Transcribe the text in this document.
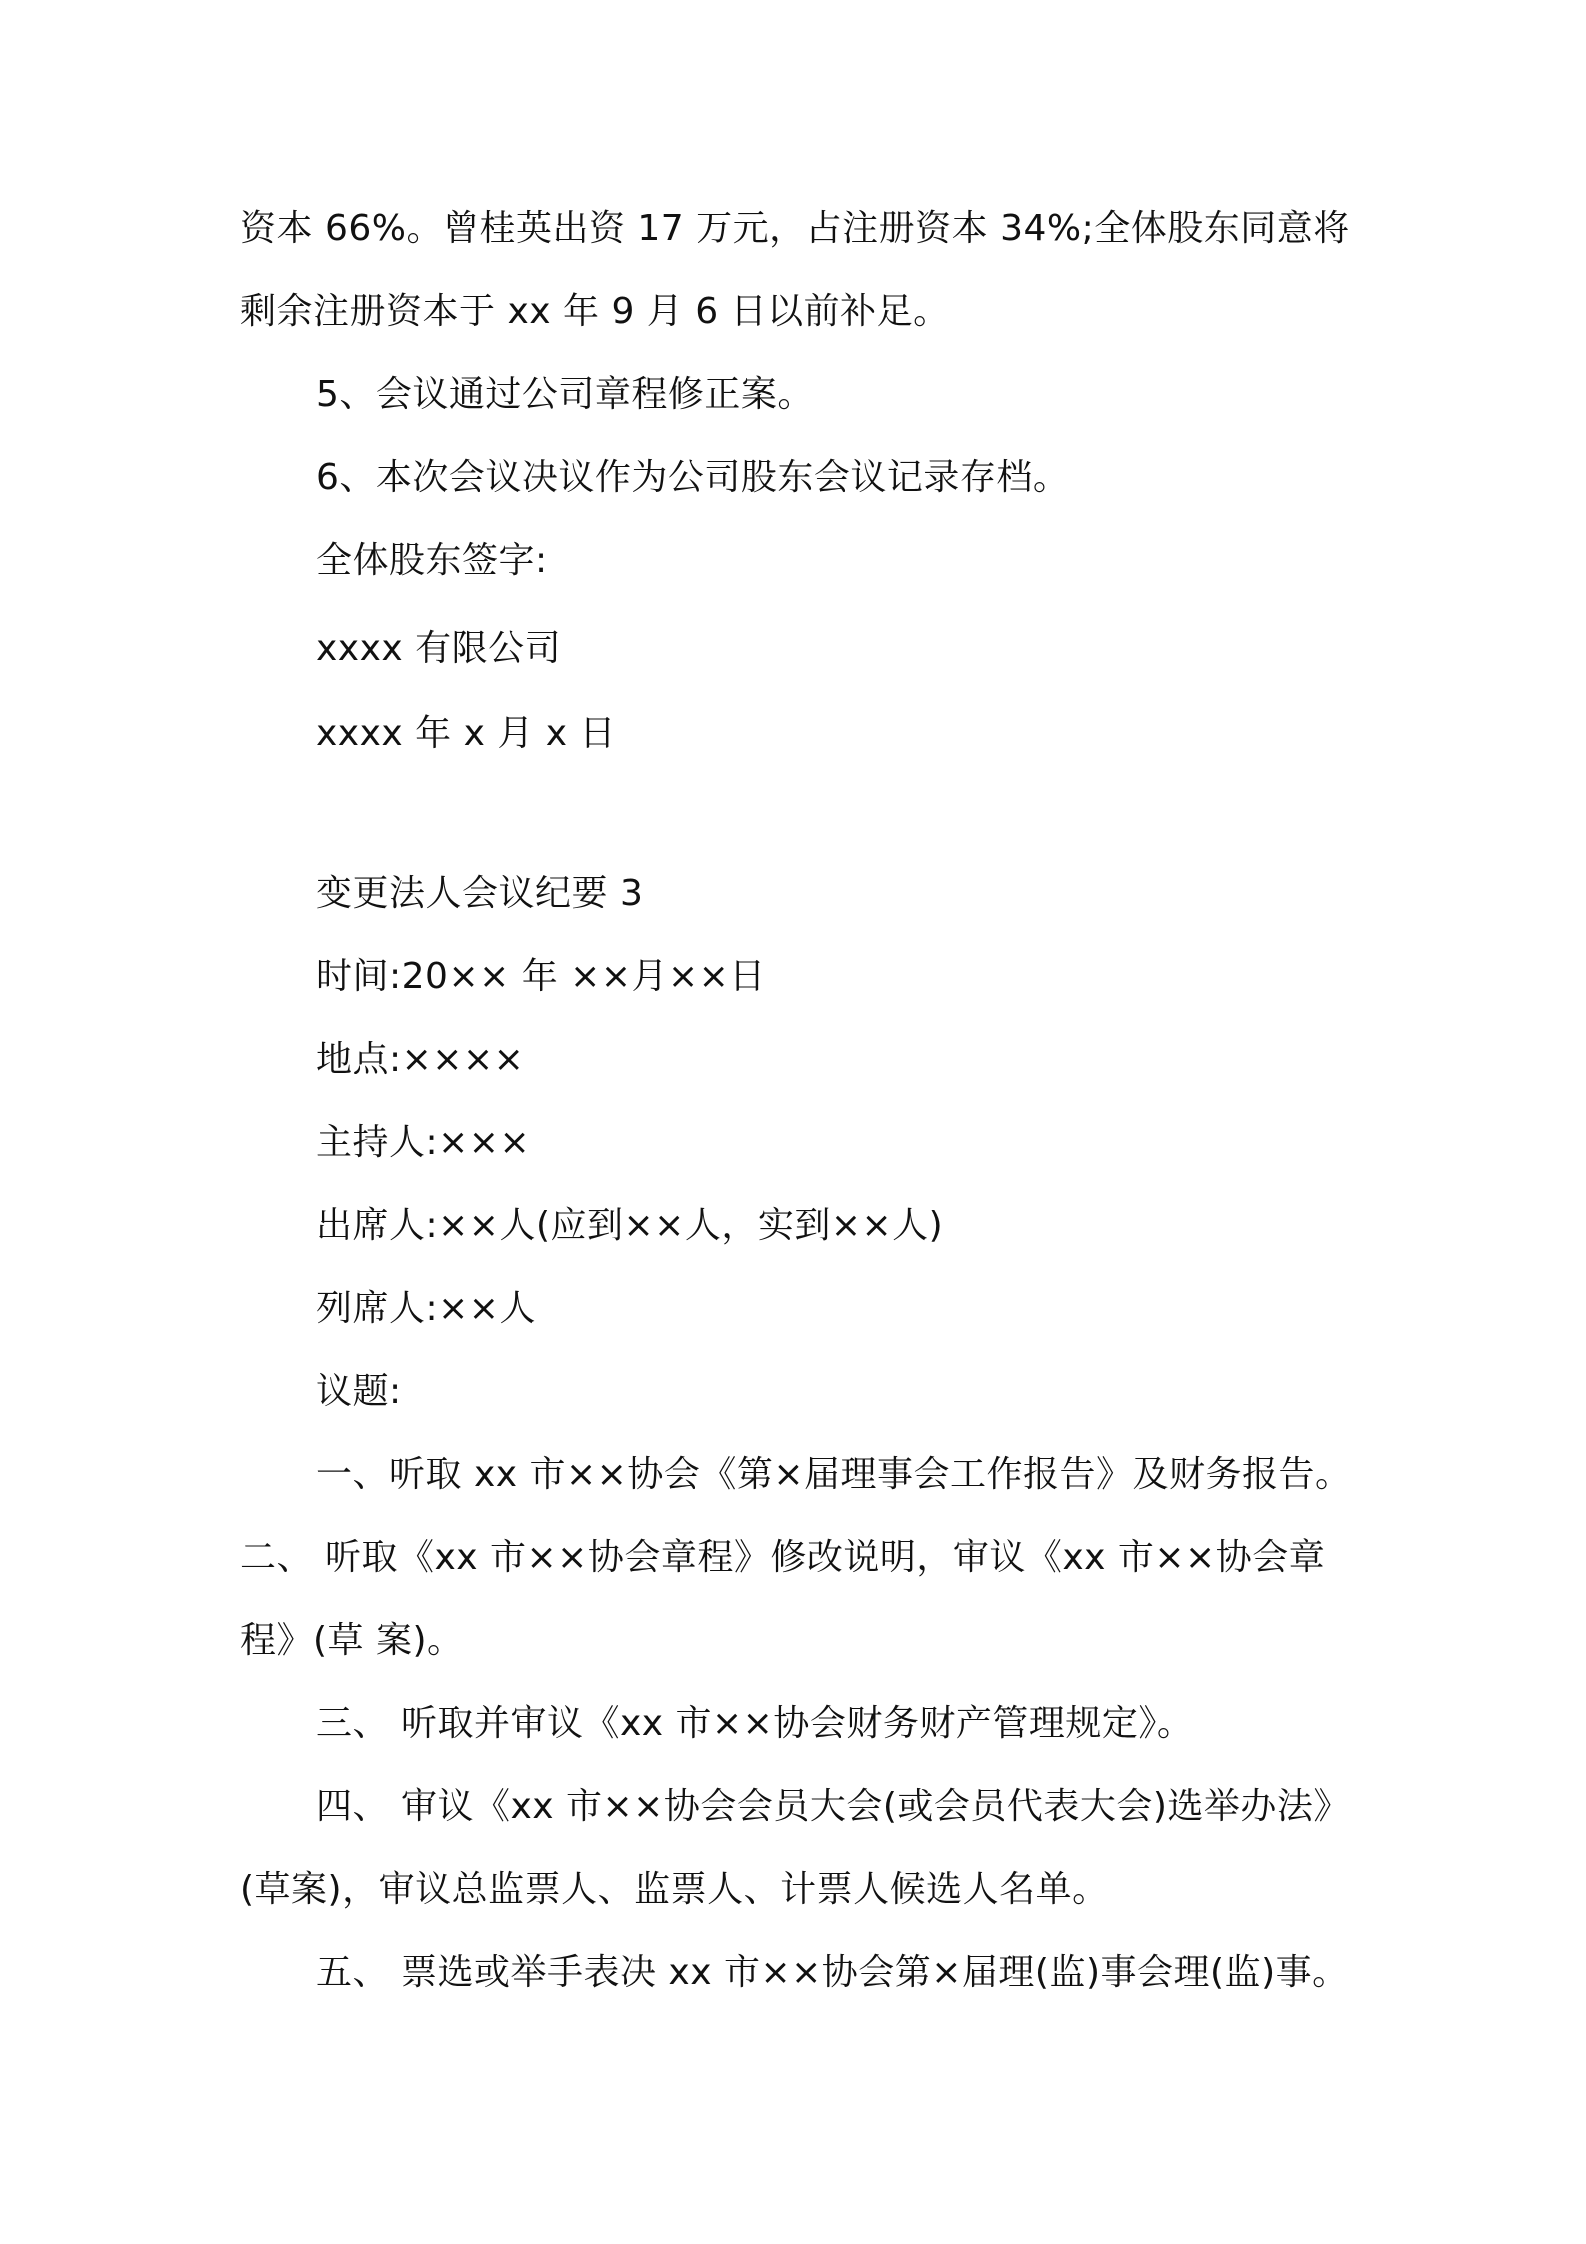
资本 66%。曾桂英出资 17 万元，占注册资本 34%;全体股东同意将
剩余注册资本于 xx 年 9 月 6 日以前补足。
5、会议通过公司章程修正案。
6、本次会议决议作为公司股东会议记录存档。
全体股东签字:
xxxx 有限公司
xxxx 年 x 月 x 日
变更法人会议纪要 3
时间:20×× 年 ××月××日
地点:××××
主持人:×××
出席人:××人(应到××人，实到××人)
列席人:××人
议题:
一、听取 xx 市××协会《第×届理事会工作报告》及财务报告。
二、 听取《xx 市××协会章程》修改说明，审议《xx 市××协会章
程》(草 案)。
三、 听取并审议《xx 市××协会财务财产管理规定》。
四、 审议《xx 市××协会会员大会(或会员代表大会)选举办法》
(草案)，审议总监票人、监票人、计票人候选人名单。
五、 票选或举手表决 xx 市××协会第×届理(监)事会理(监)事。
